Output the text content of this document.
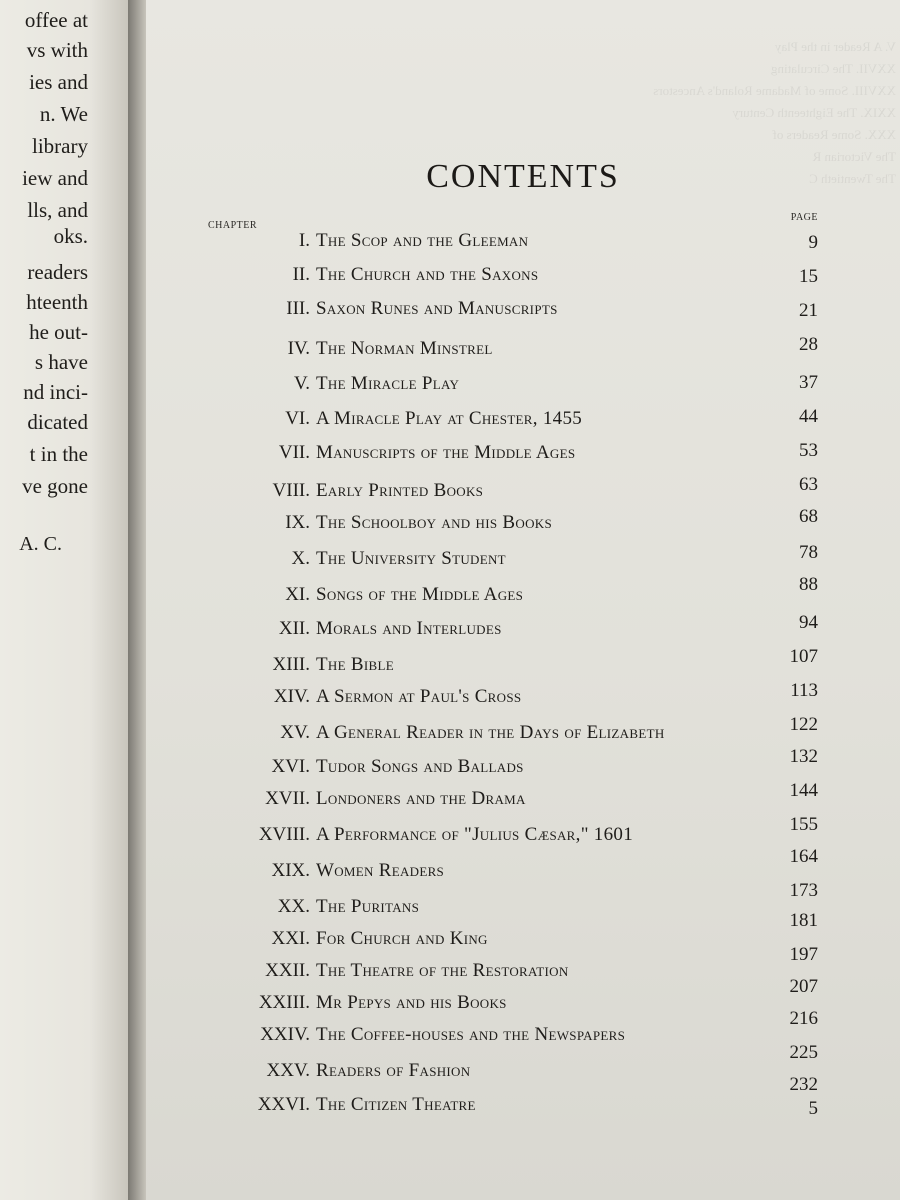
offee at
vs with
ies and
n. We
library
iew and
lls, and
oks.
readers
hteenth
he out-
s have
nd inci-
dicated
t in the
ve gone
A. C.
V. A Reader in the Play
XXVII. The Circulating
XXVIII. Some of Madame Roland's Ancestors
XXIX. The Eighteenth Century
XXX. Some Readers of
The Victorian R
The Twentieth C
CONTENTS
CHAPTER
PAGE
I. The Scop and the Gleeman
II. The Church and the Saxons
III. Saxon Runes and Manuscripts
IV. The Norman Minstrel
V. The Miracle Play
VI. A Miracle Play at Chester, 1455
VII. Manuscripts of the Middle Ages
VIII. Early Printed Books
IX. The Schoolboy and his Books
X. The University Student
XI. Songs of the Middle Ages
XII. Morals and Interludes
XIII. The Bible
XIV. A Sermon at Paul's Cross
XV. A General Reader in the Days of Elizabeth
XVI. Tudor Songs and Ballads
XVII. Londoners and the Drama
XVIII. A Performance of "Julius Cæsar," 1601
XIX. Women Readers
XX. The Puritans
XXI. For Church and King
XXII. The Theatre of the Restoration
XXIII. Mr Pepys and his Books
XXIV. The Coffee-houses and the Newspapers
XXV. Readers of Fashion
XXVI. The Citizen Theatre
9
15
21
28
37
44
53
63
68
78
88
94
107
113
122
132
144
155
164
173
181
197
207
216
225
232
5
